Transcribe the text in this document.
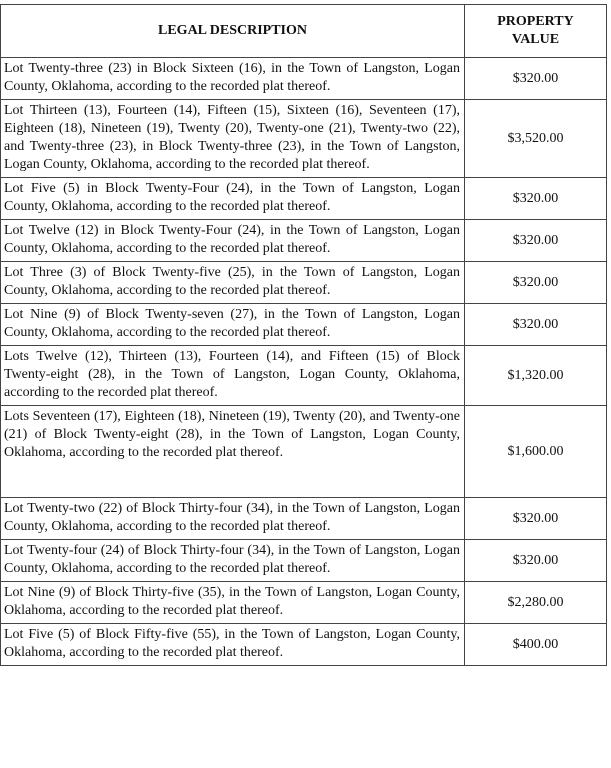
LEGAL DESCRIPTION	PROPERTY
VALUE
Lot Twenty-three (23) in Block Sixteen (16), in the Town of Langston, Logan County, Oklahoma, according to the recorded plat thereof.	$320.00
Lot Thirteen (13), Fourteen (14), Fifteen (15), Sixteen (16), Seventeen (17), Eighteen (18), Nineteen (19), Twenty (20), Twenty-one (21), Twenty-two (22), and Twenty-three (23), in Block Twenty-three (23), in the Town of Langston, Logan County, Oklahoma, according to the recorded plat thereof.	$3,520.00
Lot Five (5) in Block Twenty-Four (24), in the Town of Langston, Logan County, Oklahoma, according to the recorded plat thereof.	$320.00
Lot Twelve (12) in Block Twenty-Four (24), in the Town of Langston, Logan County, Oklahoma, according to the recorded plat thereof.	$320.00
Lot Three (3) of Block Twenty-five (25), in the Town of Langston, Logan County, Oklahoma, according to the recorded plat thereof.	$320.00
Lot Nine (9) of Block Twenty-seven (27), in the Town of Langston, Logan County, Oklahoma, according to the recorded plat thereof.	$320.00
Lots Twelve (12), Thirteen (13), Fourteen (14), and Fifteen (15) of Block Twenty-eight (28), in the Town of Langston, Logan County, Oklahoma, according to the recorded plat thereof.	$1,320.00
Lots Seventeen (17), Eighteen (18), Nineteen (19), Twenty (20), and Twenty-one (21) of Block Twenty-eight (28), in the Town of Langston, Logan County, Oklahoma, according to the recorded plat thereof.	$1,600.00
Lot Twenty-two (22) of Block Thirty-four (34), in the Town of Langston, Logan County, Oklahoma, according to the recorded plat thereof.	$320.00
Lot Twenty-four (24) of Block Thirty-four (34), in the Town of Langston, Logan County, Oklahoma, according to the recorded plat thereof.	$320.00
Lot Nine (9) of Block Thirty-five (35), in the Town of Langston, Logan County, Oklahoma, according to the recorded plat thereof.	$2,280.00
Lot Five (5) of Block Fifty-five (55), in the Town of Langston, Logan County, Oklahoma, according to the recorded plat thereof.	$400.00
